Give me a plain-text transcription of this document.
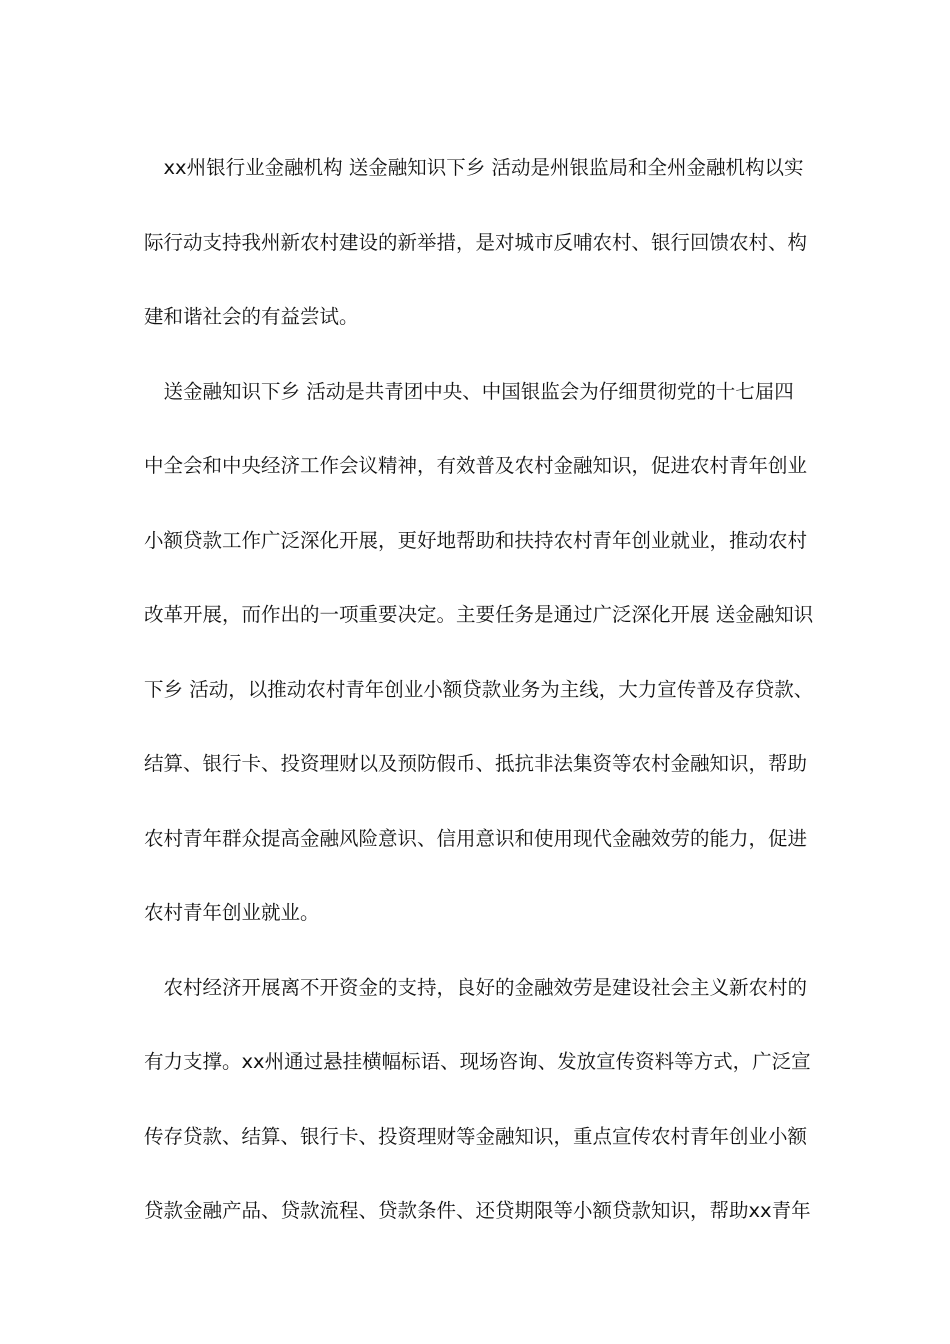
　xx州银行业金融机构 送金融知识下乡 活动是州银监局和全州金融机构以实
际行动支持我州新农村建设的新举措，是对城市反哺农村、银行回馈农村、构
建和谐社会的有益尝试。
　送金融知识下乡 活动是共青团中央、中国银监会为仔细贯彻党的十七届四
中全会和中央经济工作会议精神，有效普及农村金融知识，促进农村青年创业
小额贷款工作广泛深化开展，更好地帮助和扶持农村青年创业就业，推动农村
改革开展，而作出的一项重要决定。主要任务是通过广泛深化开展 送金融知识
下乡 活动，以推动农村青年创业小额贷款业务为主线，大力宣传普及存贷款、
结算、银行卡、投资理财以及预防假币、抵抗非法集资等农村金融知识，帮助
农村青年群众提高金融风险意识、信用意识和使用现代金融效劳的能力，促进
农村青年创业就业。
　农村经济开展离不开资金的支持，良好的金融效劳是建设社会主义新农村的
有力支撑。xx州通过悬挂横幅标语、现场咨询、发放宣传资料等方式，广泛宣
传存贷款、结算、银行卡、投资理财等金融知识，重点宣传农村青年创业小额
贷款金融产品、贷款流程、贷款条件、还贷期限等小额贷款知识，帮助xx青年
